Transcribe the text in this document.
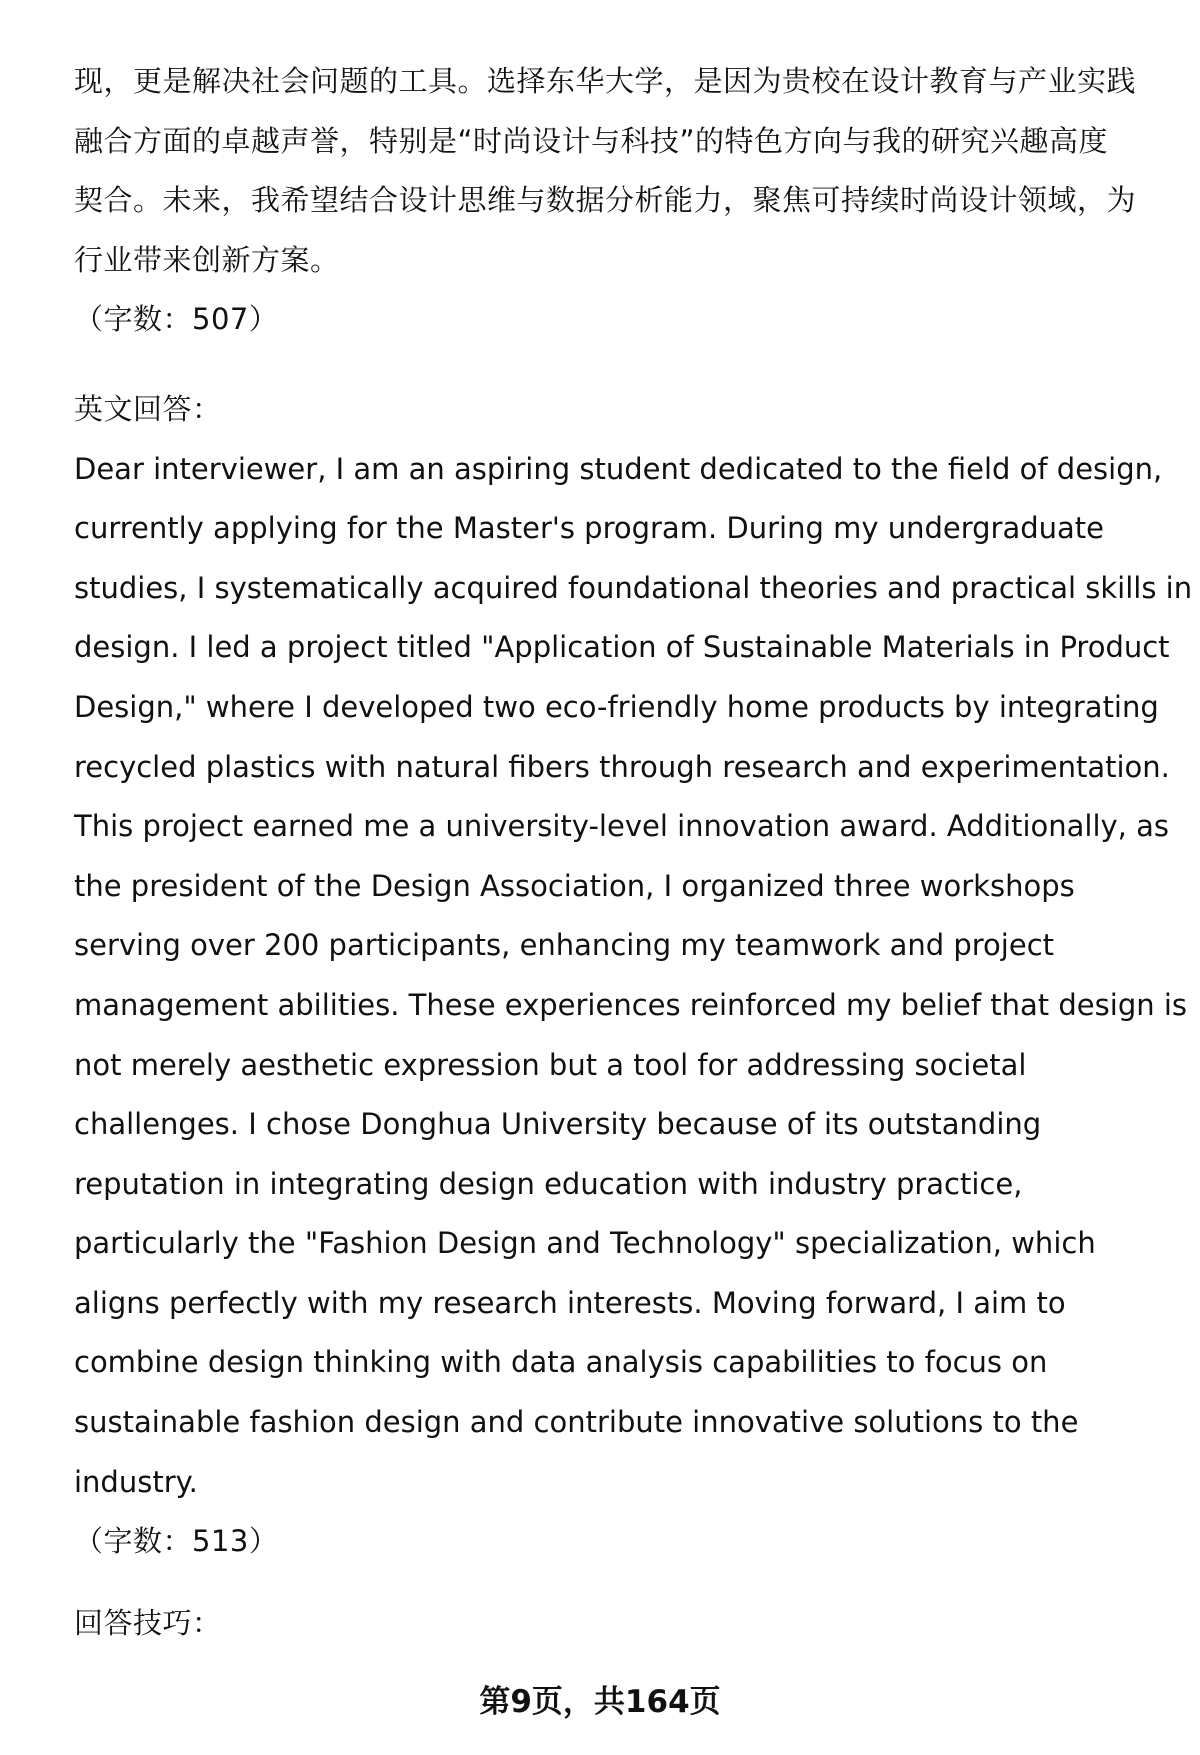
现，更是解决社会问题的工具。选择东华大学，是因为贵校在设计教育与产业实践
融合方面的卓越声誉，特别是“时尚设计与科技”的特色方向与我的研究兴趣高度
契合。未来，我希望结合设计思维与数据分析能力，聚焦可持续时尚设计领域，为
行业带来创新方案。
（字数：507）
英文回答：
Dear interviewer, I am an aspiring student dedicated to the field of design,
currently applying for the Master's program. During my undergraduate
studies, I systematically acquired foundational theories and practical skills in
design. I led a project titled "Application of Sustainable Materials in Product
Design," where I developed two eco-friendly home products by integrating
recycled plastics with natural fibers through research and experimentation.
This project earned me a university-level innovation award. Additionally, as
the president of the Design Association, I organized three workshops
serving over 200 participants, enhancing my teamwork and project
management abilities. These experiences reinforced my belief that design is
not merely aesthetic expression but a tool for addressing societal
challenges. I chose Donghua University because of its outstanding
reputation in integrating design education with industry practice,
particularly the "Fashion Design and Technology" specialization, which
aligns perfectly with my research interests. Moving forward, I aim to
combine design thinking with data analysis capabilities to focus on
sustainable fashion design and contribute innovative solutions to the
industry.
（字数：513）
回答技巧：
第9页，共164页
